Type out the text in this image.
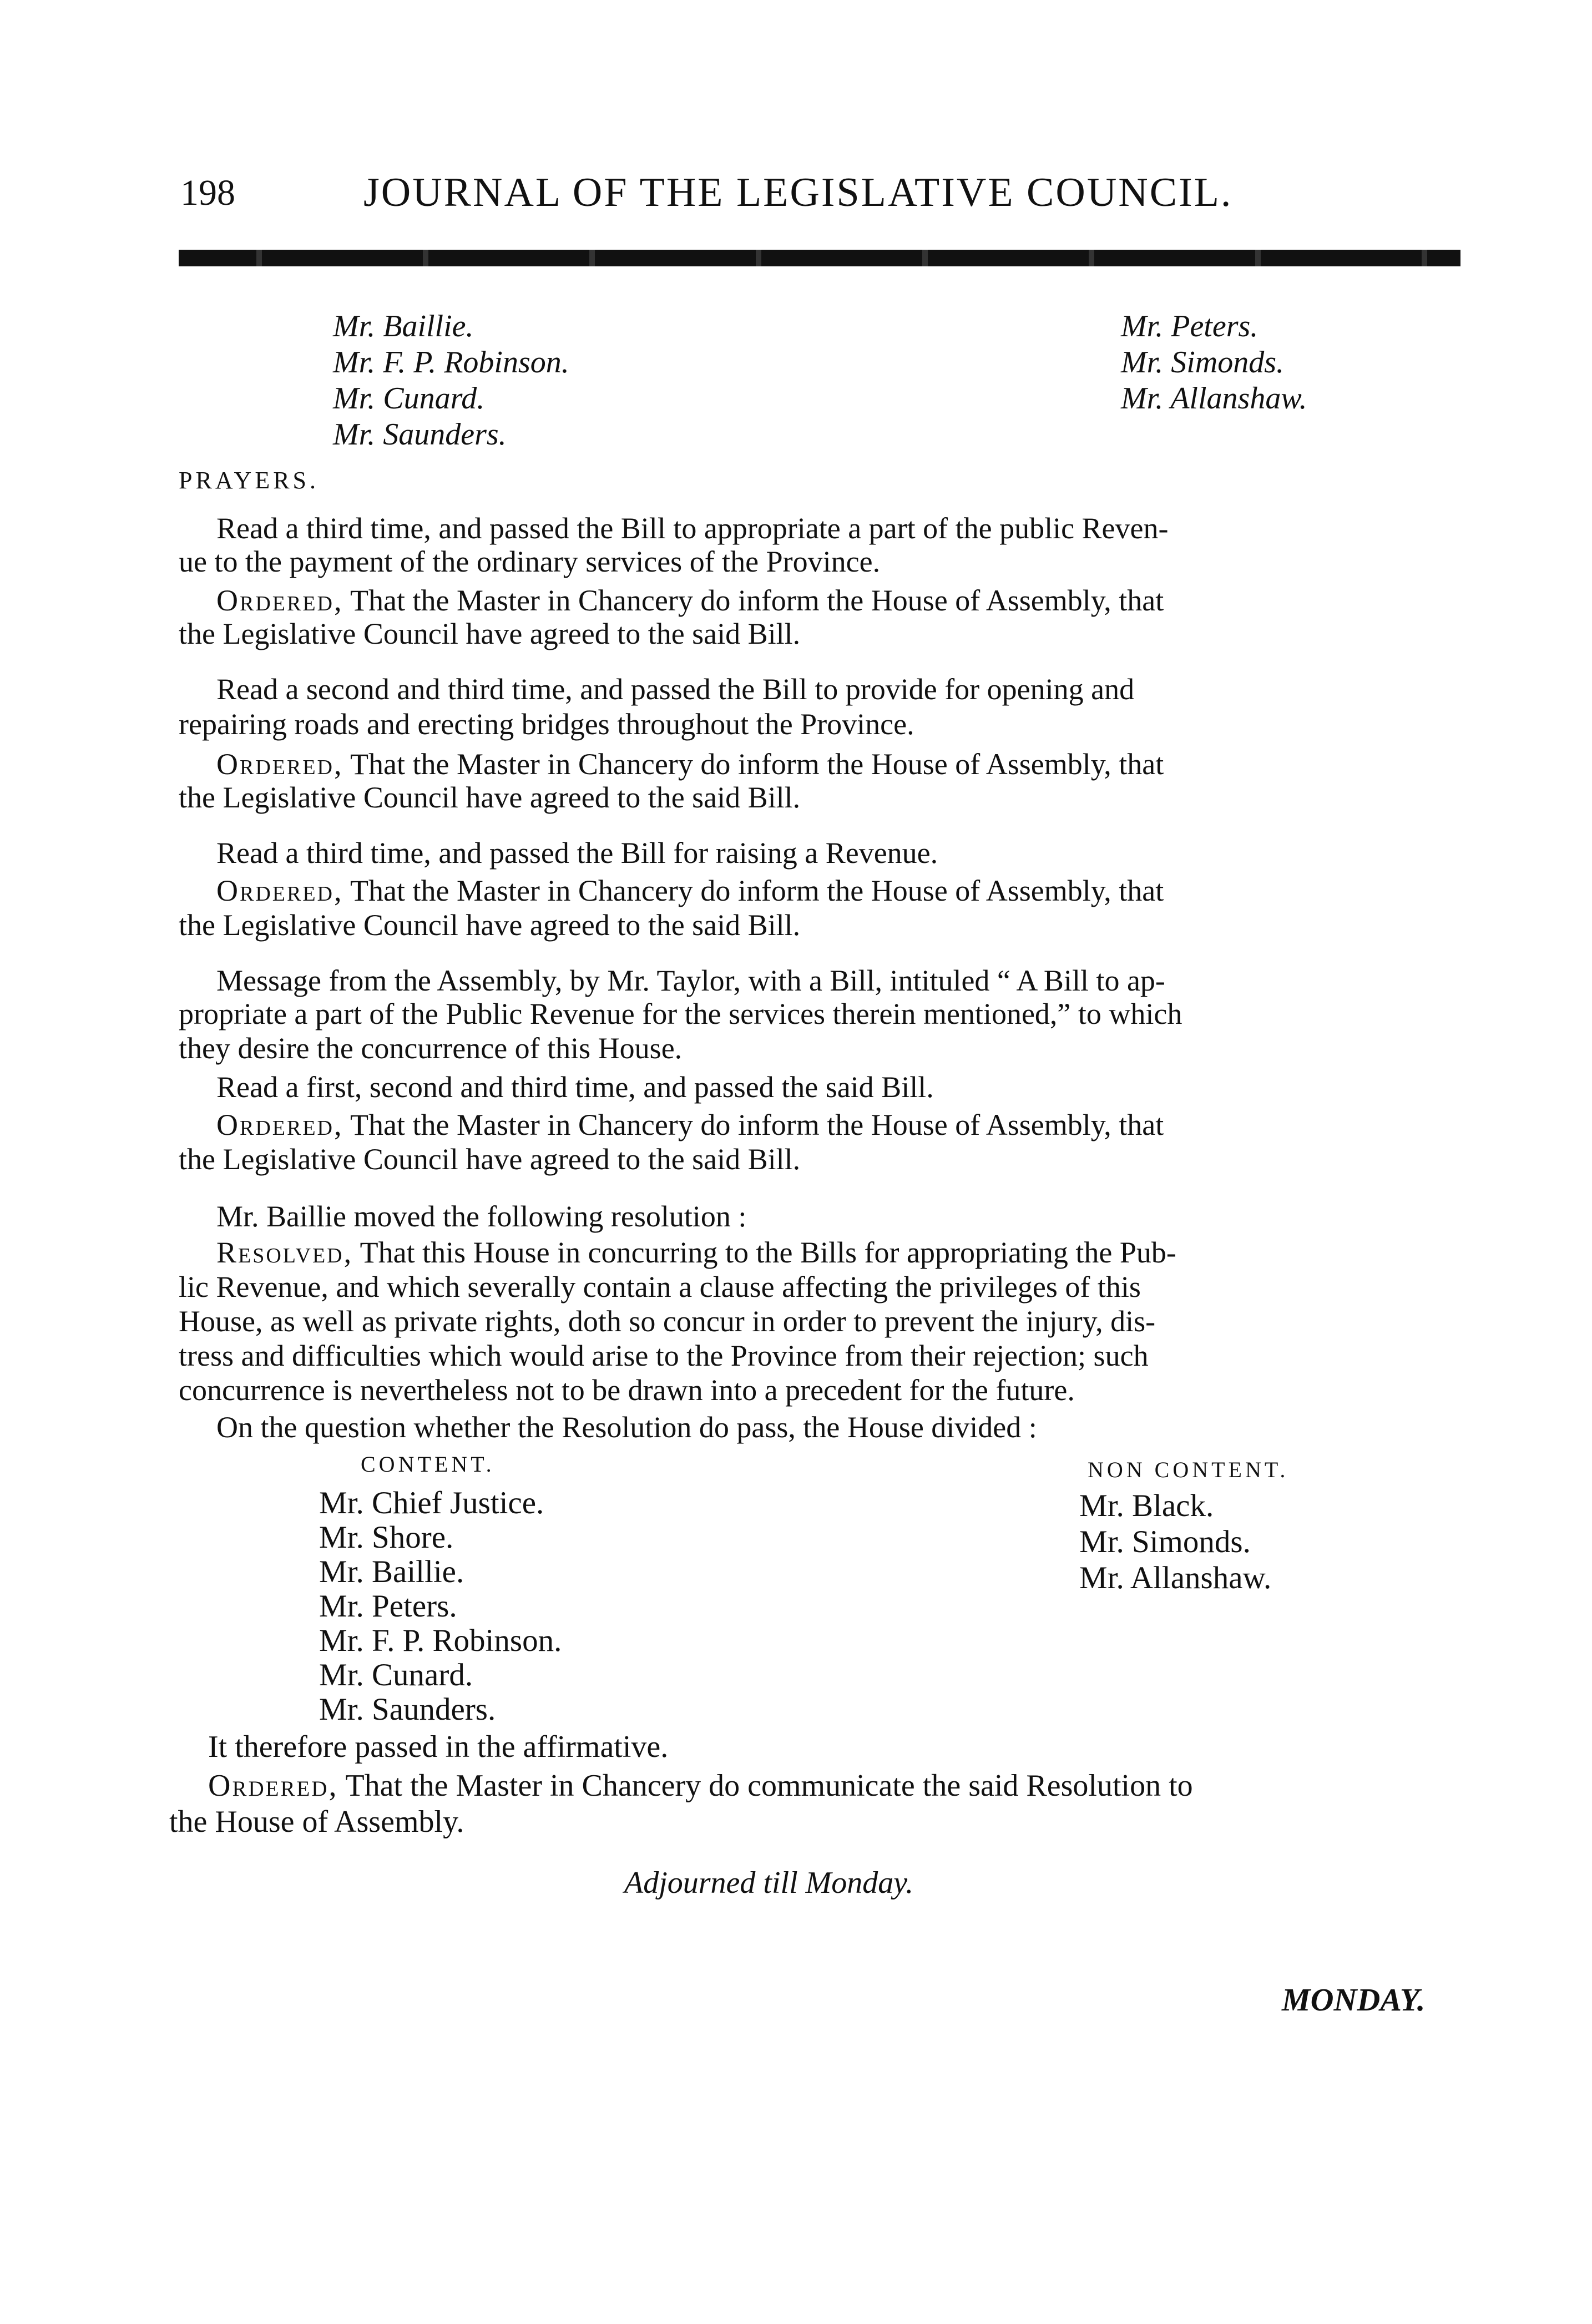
198	JOURNAL OF THE LEGISLATIVE COUNCIL.
Mr. Baillie.
Mr. F. P. Robinson.
Mr. Cunard.
Mr. Saunders.
Mr. Peters.
Mr. Simonds.
Mr. Allanshaw.
PRAYERS.
Read a third time, and passed the Bill to appropriate a part of the public Reven-
ue to the payment of the ordinary services of the Province.
Ordered, That the Master in Chancery do inform the House of Assembly, that
the Legislative Council have agreed to the said Bill.
Read a second and third time, and passed the Bill to provide for opening and
repairing roads and erecting bridges throughout the Province.
Ordered, That the Master in Chancery do inform the House of Assembly, that
the Legislative Council have agreed to the said Bill.
Read a third time, and passed the Bill for raising a Revenue.
Ordered, That the Master in Chancery do inform the House of Assembly, that
the Legislative Council have agreed to the said Bill.
Message from the Assembly, by Mr. Taylor, with a Bill, intituled “ A Bill to ap-
propriate a part of the Public Revenue for the services therein mentioned,” to which
they desire the concurrence of this House.
Read a first, second and third time, and passed the said Bill.
Ordered, That the Master in Chancery do inform the House of Assembly, that
the Legislative Council have agreed to the said Bill.
Mr. Baillie moved the following resolution :
Resolved, That this House in concurring to the Bills for appropriating the Pub-
lic Revenue, and which severally contain a clause affecting the privileges of this
House, as well as private rights, doth so concur in order to prevent the injury, dis-
tress and difficulties which would arise to the Province from their rejection; such
concurrence is nevertheless not to be drawn into a precedent for the future.
On the question whether the Resolution do pass, the House divided :
CONTENT.	NON CONTENT.
Mr. Chief Justice.
Mr. Shore.
Mr. Baillie.
Mr. Peters.
Mr. F. P. Robinson.
Mr. Cunard.
Mr. Saunders.
Mr. Black.
Mr. Simonds.
Mr. Allanshaw.
It therefore passed in the affirmative.
Ordered, That the Master in Chancery do communicate the said Resolution to
the House of Assembly.
Adjourned till Monday.
MONDAY.
